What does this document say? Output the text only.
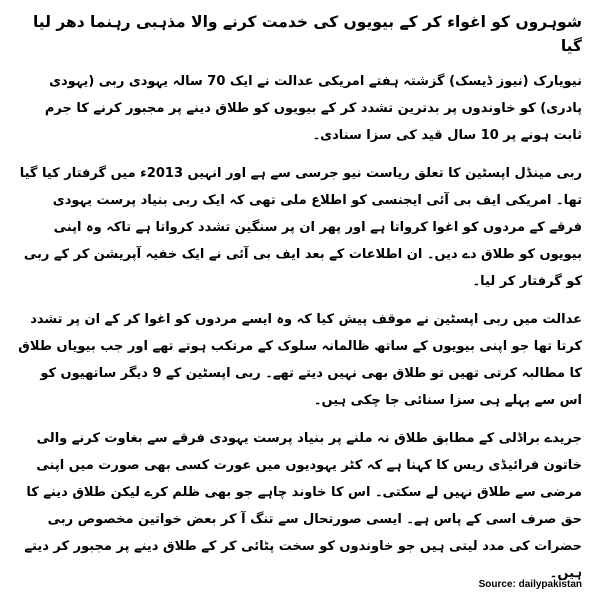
شوہروں کو اغواء کر کے بیویوں کی خدمت کرنے والا مذہبی رہنما دھر لیا گیا

نیویارک (نیوز ڈیسک) گزشتہ ہفتے امریکی عدالت نے ایک 70 سالہ یہودی ربی (یہودی پادری) کو خاوندوں پر بدترین تشدد کر کے بیویوں کو طلاق دینے پر مجبور کرنے کا جرم ثابت ہونے پر 10 سال قید کی سزا سنادی۔

ربی مینڈل اپسٹین کا تعلق ریاست نیو جرسی سے ہے اور انہیں 2013ء میں گرفتار کیا گیا تھا۔ امریکی ایف بی آئی ایجنسی کو اطلاع ملی تھی کہ ایک ربی بنیاد پرست یہودی فرقے کے مردوں کو اغوا کرواتا ہے اور پھر ان پر سنگین تشدد کرواتا ہے تاکہ وہ اپنی بیویوں کو طلاق دے دیں۔ ان اطلاعات کے بعد ایف بی آئی نے ایک خفیہ آپریشن کر کے ربی کو گرفتار کر لیا۔

عدالت میں ربی اپسٹین نے موقف پیش کیا کہ وہ ایسے مردوں کو اغوا کر کے ان پر تشدد کرتا تھا جو اپنی بیویوں کے ساتھ ظالمانہ سلوک کے مرتکب ہوتے تھے اور جب بیویاں طلاق کا مطالبہ کرتی تھیں تو طلاق بھی نہیں دیتے تھے۔ ربی اپسٹین کے 9 دیگر ساتھیوں کو اس سے پہلے ہی سزا سنائی جا چکی ہیں۔

جریدے براڈلی کے مطابق طلاق نہ ملنے پر بنیاد پرست یہودی فرقے سے بغاوت کرنے والی خاتون فرائیڈی ریس کا کہنا ہے کہ کٹر یہودیوں میں عورت کسی بھی صورت میں اپنی مرضی سے طلاق نہیں لے سکتی۔ اس کا خاوند چاہے جو بھی ظلم کرے لیکن طلاق دینے کا حق صرف اسی کے پاس ہے۔ ایسی صورتحال سے تنگ آ کر بعض خواتین مخصوص ربی حضرات کی مدد لیتی ہیں جو خاوندوں کو سخت پٹائی کر کے طلاق دینے پر مجبور کر دیتے ہیں۔

Source: dailypakistan
